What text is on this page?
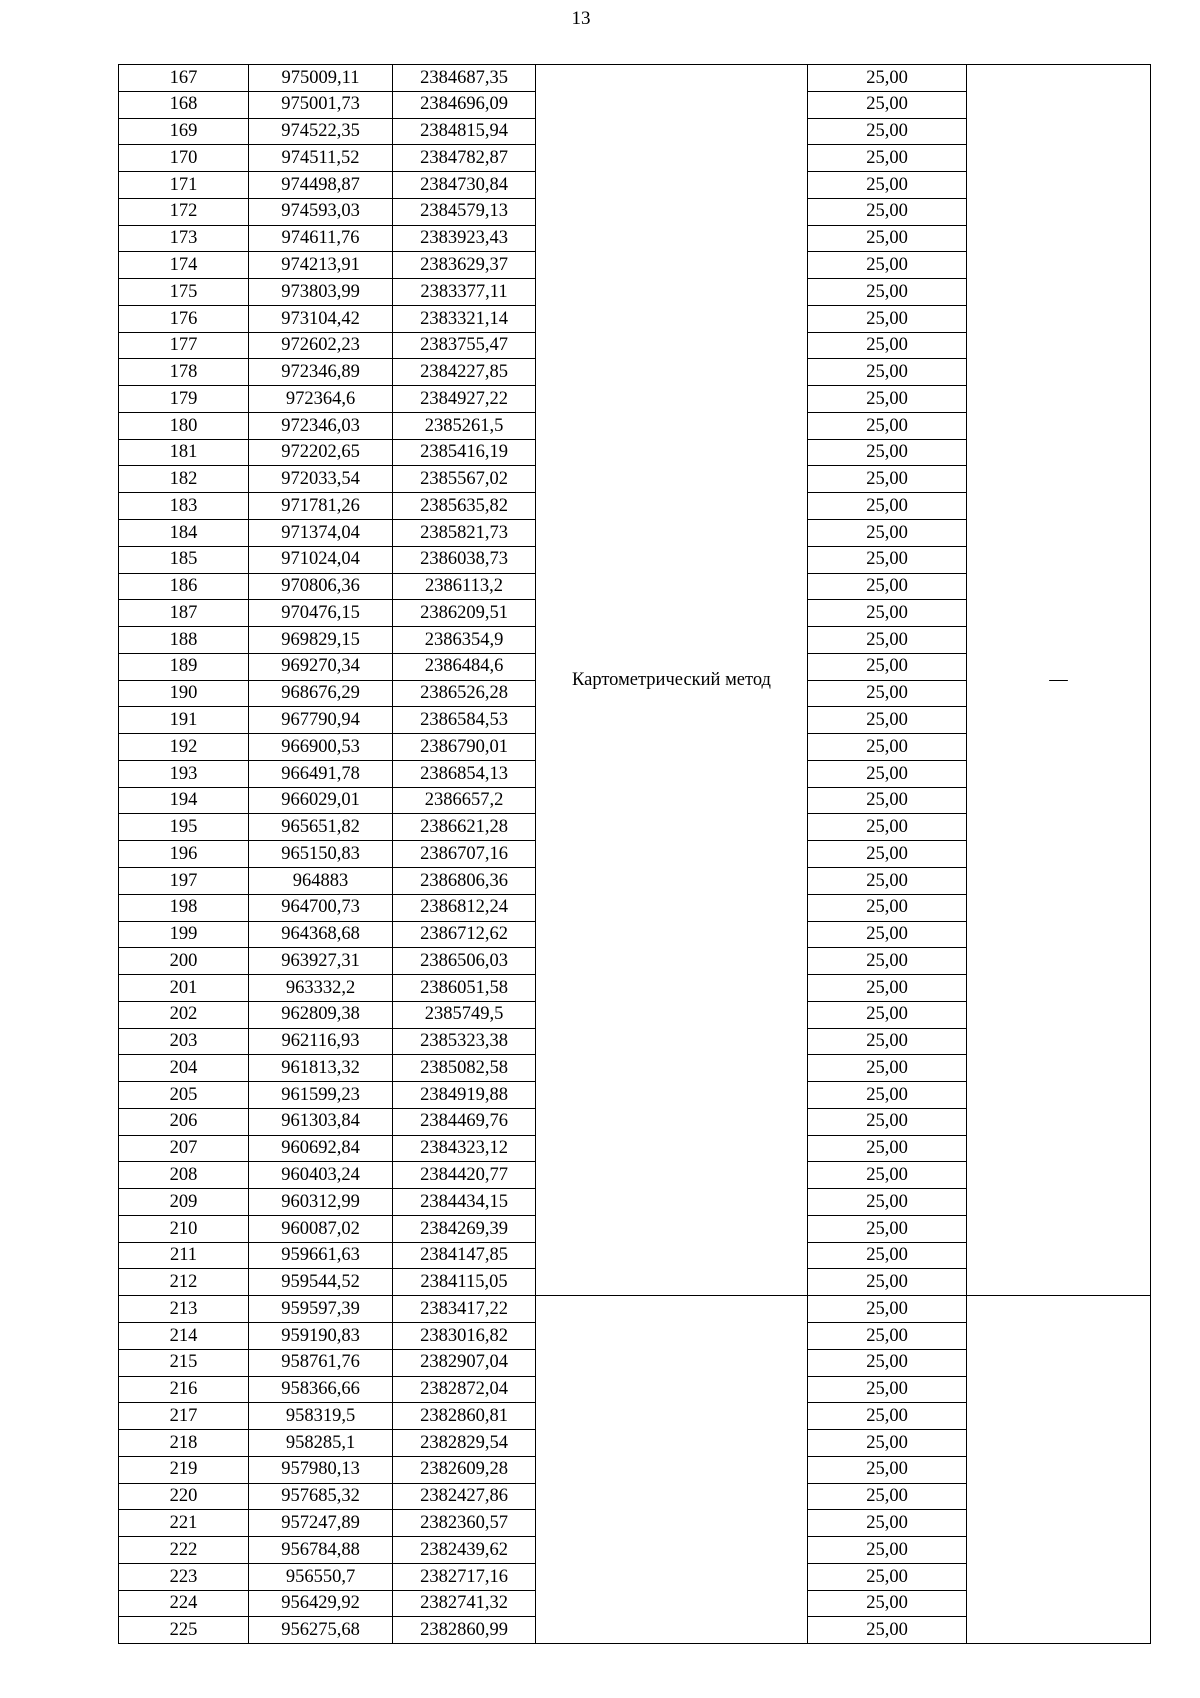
13
167	975009,11	2384687,35	Картометрический метод	25,00	—
168	975001,73	2384696,09		25,00	
169	974522,35	2384815,94		25,00	
170	974511,52	2384782,87		25,00	
171	974498,87	2384730,84		25,00	
172	974593,03	2384579,13		25,00	
173	974611,76	2383923,43		25,00	
174	974213,91	2383629,37		25,00	
175	973803,99	2383377,11		25,00	
176	973104,42	2383321,14		25,00	
177	972602,23	2383755,47		25,00	
178	972346,89	2384227,85		25,00	
179	972364,6	2384927,22		25,00	
180	972346,03	2385261,5		25,00	
181	972202,65	2385416,19		25,00	
182	972033,54	2385567,02		25,00	
183	971781,26	2385635,82		25,00	
184	971374,04	2385821,73		25,00	
185	971024,04	2386038,73		25,00	
186	970806,36	2386113,2		25,00	
187	970476,15	2386209,51		25,00	
188	969829,15	2386354,9		25,00	
189	969270,34	2386484,6		25,00	
190	968676,29	2386526,28		25,00	
191	967790,94	2386584,53		25,00	
192	966900,53	2386790,01		25,00	
193	966491,78	2386854,13		25,00	
194	966029,01	2386657,2		25,00	
195	965651,82	2386621,28		25,00	
196	965150,83	2386707,16		25,00	
197	964883	2386806,36		25,00	
198	964700,73	2386812,24		25,00	
199	964368,68	2386712,62		25,00	
200	963927,31	2386506,03		25,00	
201	963332,2	2386051,58		25,00	
202	962809,38	2385749,5		25,00	
203	962116,93	2385323,38		25,00	
204	961813,32	2385082,58		25,00	
205	961599,23	2384919,88		25,00	
206	961303,84	2384469,76		25,00	
207	960692,84	2384323,12		25,00	
208	960403,24	2384420,77		25,00	
209	960312,99	2384434,15		25,00	
210	960087,02	2384269,39		25,00	
211	959661,63	2384147,85		25,00	
212	959544,52	2384115,05		25,00	
213	959597,39	2383417,22		25,00	
214	959190,83	2383016,82		25,00	
215	958761,76	2382907,04		25,00	
216	958366,66	2382872,04		25,00	
217	958319,5	2382860,81		25,00	
218	958285,1	2382829,54		25,00	
219	957980,13	2382609,28		25,00	
220	957685,32	2382427,86		25,00	
221	957247,89	2382360,57		25,00	
222	956784,88	2382439,62		25,00	
223	956550,7	2382717,16		25,00	
224	956429,92	2382741,32		25,00	
225	956275,68	2382860,99		25,00	
